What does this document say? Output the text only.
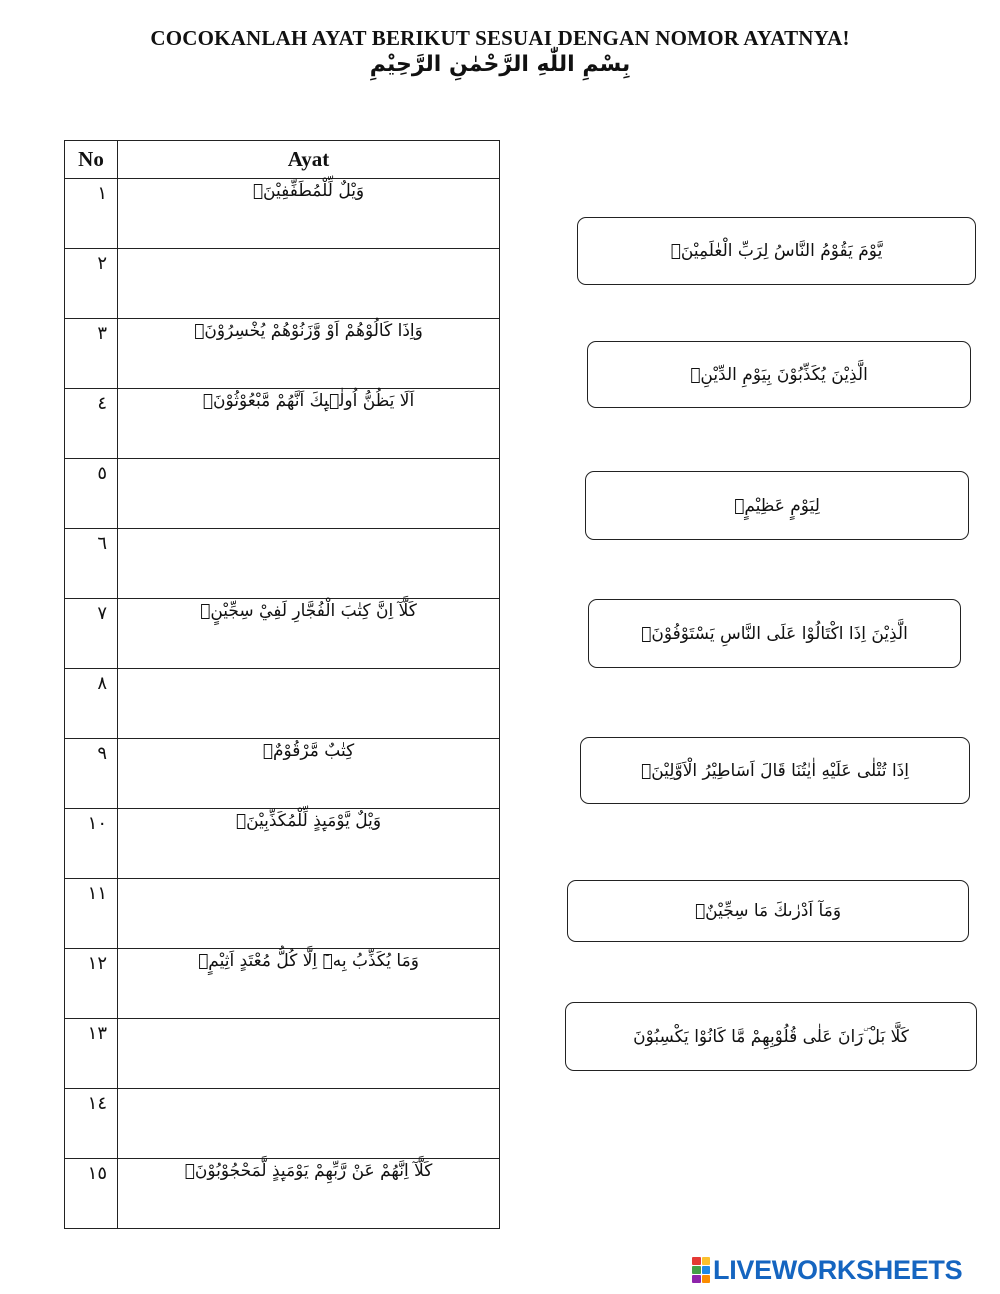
COCOKANLAH AYAT BERIKUT SESUAI DENGAN NOMOR AYATNYA!
بِسْمِ اللّٰهِ الرَّحْمٰنِ الرَّحِيْمِ
No	Ayat
١	وَيْلٌ لِّلْمُطَفِّفِيْنَۙ
٢	
٣	وَاِذَا كَالُوْهُمْ اَوْ وَّزَنُوْهُمْ يُخْسِرُوْنَۗ
٤	اَلَا يَظُنُّ اُولٰۤىِٕكَ اَنَّهُمْ مَّبْعُوْثُوْنَۙ
٥	
٦	
٧	كَلَّآ اِنَّ كِتٰبَ الْفُجَّارِ لَفِيْ سِجِّيْنٍۗ
٨	
٩	كِتٰبٌ مَّرْقُوْمٌۗ
١٠	وَيْلٌ يَّوْمَىِٕذٍ لِّلْمُكَذِّبِيْنَۙ
١١	
١٢	وَمَا يُكَذِّبُ بِهٖٓ اِلَّا كُلُّ مُعْتَدٍ اَثِيْمٍۙ
١٣	
١٤	
١٥	كَلَّآ اِنَّهُمْ عَنْ رَّبِّهِمْ يَوْمَىِٕذٍ لَّمَحْجُوْبُوْنَۗ
يَّوْمَ يَقُوْمُ النَّاسُ لِرَبِّ الْعٰلَمِيْنَۗ
الَّذِيْنَ يُكَذِّبُوْنَ بِيَوْمِ الدِّيْنِۗ
لِيَوْمٍ عَظِيْمٍۙ
الَّذِيْنَ اِذَا اكْتَالُوْا عَلَى النَّاسِ يَسْتَوْفُوْنَۖ
اِذَا تُتْلٰى عَلَيْهِ اٰيٰتُنَا قَالَ اَسَاطِيْرُ الْاَوَّلِيْنَۗ
وَمَآ اَدْرٰىكَ مَا سِجِّيْنٌۗ
كَلَّا بَلْ ۜرَانَ عَلٰى قُلُوْبِهِمْ مَّا كَانُوْا يَكْسِبُوْنَ
LIVEWORKSHEETS
